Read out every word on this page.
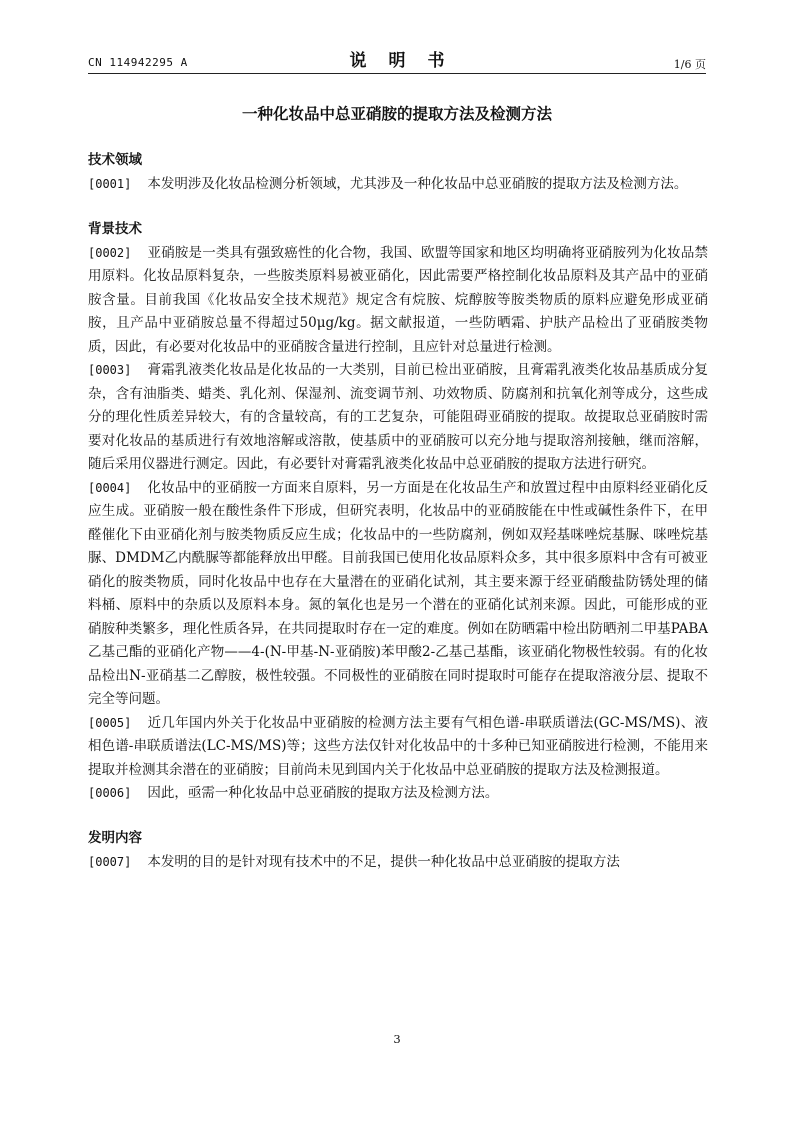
CN 114942295 A	说明书	1/6 页
一种化妆品中总亚硝胺的提取方法及检测方法
技术领域
[0001] 本发明涉及化妆品检测分析领域，尤其涉及一种化妆品中总亚硝胺的提取方法及检测方法。
背景技术
[0002] 亚硝胺是一类具有强致癌性的化合物，我国、欧盟等国家和地区均明确将亚硝胺列为化妆品禁用原料。化妆品原料复杂，一些胺类原料易被亚硝化，因此需要严格控制化妆品原料及其产品中的亚硝胺含量。目前我国《化妆品安全技术规范》规定含有烷胺、烷醇胺等胺类物质的原料应避免形成亚硝胺，且产品中亚硝胺总量不得超过50μg/kg。据文献报道，一些防晒霜、护肤产品检出了亚硝胺类物质，因此，有必要对化妆品中的亚硝胺含量进行控制，且应针对总量进行检测。
[0003] 膏霜乳液类化妆品是化妆品的一大类别，目前已检出亚硝胺，且膏霜乳液类化妆品基质成分复杂，含有油脂类、蜡类、乳化剂、保湿剂、流变调节剂、功效物质、防腐剂和抗氧化剂等成分，这些成分的理化性质差异较大，有的含量较高，有的工艺复杂，可能阻碍亚硝胺的提取。故提取总亚硝胺时需要对化妆品的基质进行有效地溶解或溶散，使基质中的亚硝胺可以充分地与提取溶剂接触，继而溶解，随后采用仪器进行测定。因此，有必要针对膏霜乳液类化妆品中总亚硝胺的提取方法进行研究。
[0004] 化妆品中的亚硝胺一方面来自原料，另一方面是在化妆品生产和放置过程中由原料经亚硝化反应生成。亚硝胺一般在酸性条件下形成，但研究表明，化妆品中的亚硝胺能在中性或碱性条件下，在甲醛催化下由亚硝化剂与胺类物质反应生成；化妆品中的一些防腐剂，例如双羟基咪唑烷基脲、咪唑烷基脲、DMDM乙内酰脲等都能释放出甲醛。目前我国已使用化妆品原料众多，其中很多原料中含有可被亚硝化的胺类物质，同时化妆品中也存在大量潜在的亚硝化试剂，其主要来源于经亚硝酸盐防锈处理的储料桶、原料中的杂质以及原料本身。氮的氧化也是另一个潜在的亚硝化试剂来源。因此，可能形成的亚硝胺种类繁多，理化性质各异，在共同提取时存在一定的难度。例如在防晒霜中检出防晒剂二甲基PABA乙基己酯的亚硝化产物——4-(N-甲基-N-亚硝胺)苯甲酸2-乙基己基酯，该亚硝化物极性较弱。有的化妆品检出N-亚硝基二乙醇胺，极性较强。不同极性的亚硝胺在同时提取时可能存在提取溶液分层、提取不完全等问题。
[0005] 近几年国内外关于化妆品中亚硝胺的检测方法主要有气相色谱-串联质谱法(GC-MS/MS)、液相色谱-串联质谱法(LC-MS/MS)等；这些方法仅针对化妆品中的十多种已知亚硝胺进行检测，不能用来提取并检测其余潜在的亚硝胺；目前尚未见到国内关于化妆品中总亚硝胺的提取方法及检测报道。
[0006] 因此，亟需一种化妆品中总亚硝胺的提取方法及检测方法。
发明内容
[0007] 本发明的目的是针对现有技术中的不足，提供一种化妆品中总亚硝胺的提取方法
3
